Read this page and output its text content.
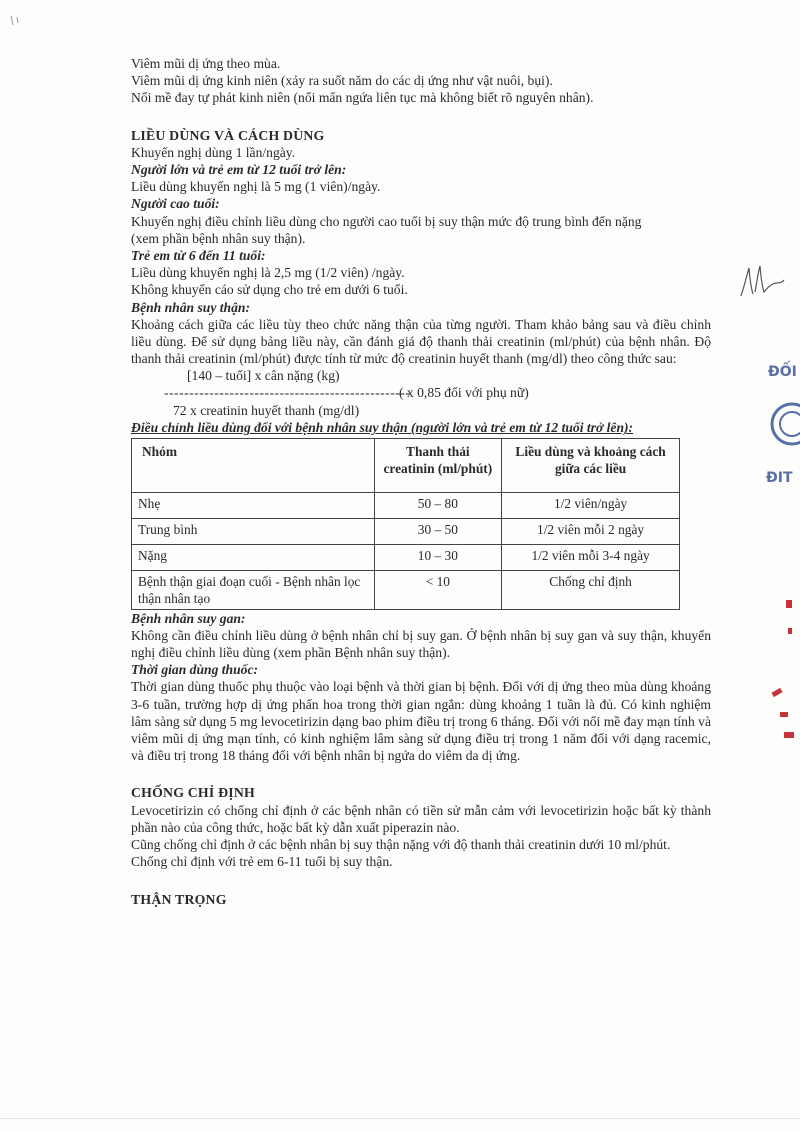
Viêm mũi dị ứng theo mùa.
Viêm mũi dị ứng kinh niên (xảy ra suốt năm do các dị ứng như vật nuôi, bụi).
Nổi mề đay tự phát kinh niên (nổi mẩn ngứa liên tục mà không biết rõ nguyên nhân).
LIỀU DÙNG VÀ CÁCH DÙNG
Khuyến nghị dùng 1 lần/ngày.
Người lớn và trẻ em từ 12 tuổi trở lên:
Liều dùng khuyến nghị là 5 mg (1 viên)/ngày.
Người cao tuổi:
Khuyến nghị điều chỉnh liều dùng cho người cao tuổi bị suy thận mức độ trung bình đến nặng
(xem phần bệnh nhân suy thận).
Trẻ em từ 6 đến 11 tuổi:
Liều dùng khuyến nghị là 2,5 mg (1/2 viên) /ngày.
Không khuyến cáo sử dụng cho trẻ em dưới 6 tuổi.
Bệnh nhân suy thận:
Khoảng cách giữa các liều tùy theo chức năng thận của từng người. Tham khảo bảng sau và điều chỉnh liều dùng. Để sử dụng bảng liều này, cần đánh giá độ thanh thải creatinin (ml/phút) của bệnh nhân. Độ thanh thải creatinin (ml/phút) được tính từ mức độ creatinin huyết thanh (mg/dl) theo công thức sau:
[140 – tuổi] x cân nặng (kg)
-------------------------------------------------
( x 0,85 đối với phụ nữ)
72 x creatinin huyết thanh (mg/dl)
Điều chỉnh liều dùng đối với bệnh nhân suy thận (người lớn và trẻ em từ 12 tuổi trở lên):
Nhóm	Thanh thải creatinin (ml/phút)	Liều dùng và khoảng cách giữa các liều
Nhẹ	50 – 80	1/2 viên/ngày
Trung bình	30 – 50	1/2 viên mỗi 2 ngày
Nặng	10 – 30	1/2 viên mỗi 3-4 ngày
Bệnh thận giai đoạn cuối - Bệnh nhân lọc thận nhân tạo	< 10	Chống chỉ định
Bệnh nhân suy gan:
Không cần điều chỉnh liều dùng ở bệnh nhân chỉ bị suy gan. Ở bệnh nhân bị suy gan và suy thận, khuyến nghị điều chỉnh liều dùng (xem phần Bệnh nhân suy thận).
Thời gian dùng thuốc:
Thời gian dùng thuốc phụ thuộc vào loại bệnh và thời gian bị bệnh. Đối với dị ứng theo mùa dùng khoảng 3-6 tuần, trường hợp dị ứng phấn hoa trong thời gian ngắn: dùng khoảng 1 tuần là đủ. Có kinh nghiệm lâm sàng sử dụng 5 mg levocetirizin dạng bao phim điều trị trong 6 tháng. Đối với nổi mề đay mạn tính và viêm mũi dị ứng mạn tính, có kinh nghiệm lâm sàng sử dụng điều trị trong 1 năm đối với dạng racemic, và điều trị trong 18 tháng đối với bệnh nhân bị ngứa do viêm da dị ứng.
CHỐNG CHỈ ĐỊNH
Levocetirizin có chống chỉ định ở các bệnh nhân có tiền sử mẫn cảm với levocetirizin hoặc bất kỳ thành phần nào của công thức, hoặc bất kỳ dẫn xuất piperazin nào.
Cũng chống chỉ định ở các bệnh nhân bị suy thận nặng với độ thanh thải creatinin dưới 10 ml/phút.
Chống chỉ định với trẻ em 6-11 tuổi bị suy thận.
THẬN TRỌNG
ĐỐI
ĐIT
